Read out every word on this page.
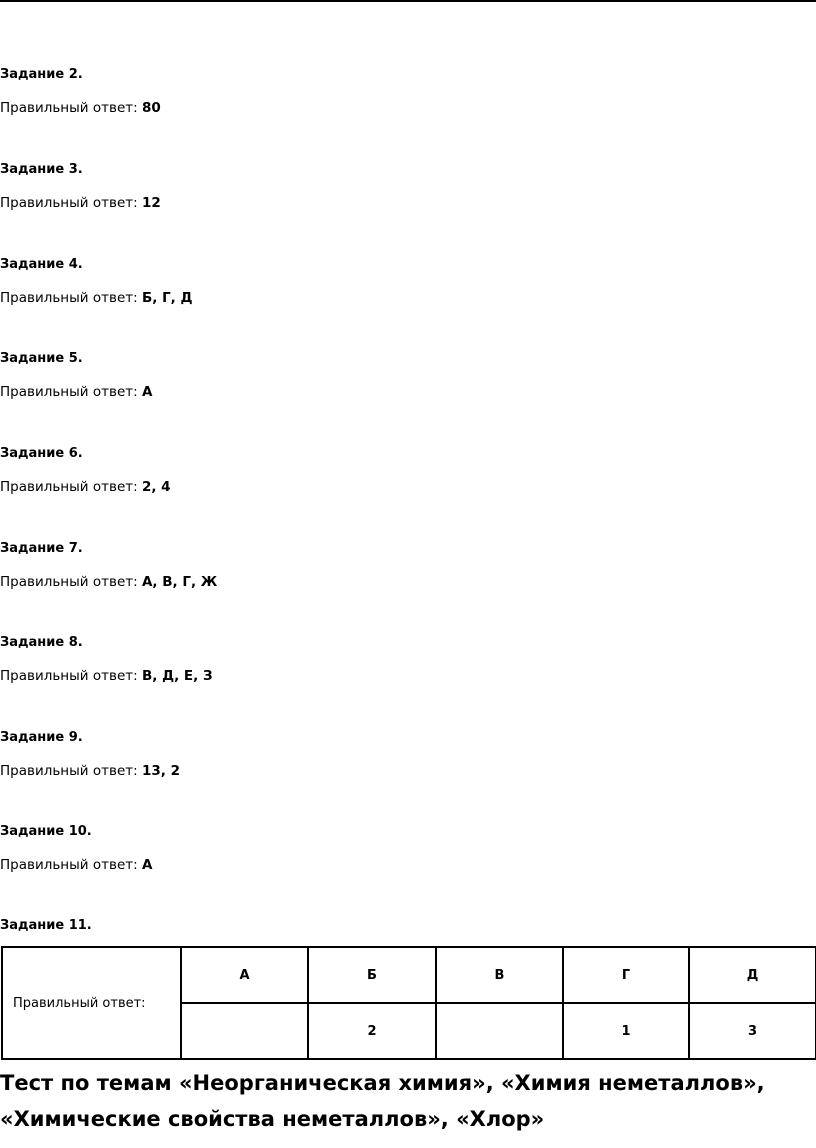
Задание 2.
Правильный ответ: 80
Задание 3.
Правильный ответ: 12
Задание 4.
Правильный ответ: Б, Г, Д
Задание 5.
Правильный ответ: А
Задание 6.
Правильный ответ: 2, 4
Задание 7.
Правильный ответ: А, В, Г, Ж
Задание 8.
Правильный ответ: В, Д, Е, З
Задание 9.
Правильный ответ: 13, 2
Задание 10.
Правильный ответ: А
Задание 11.
Правильный ответ:	А	Б	В	Г	Д
		2		1	3
Тест по темам «Неорганическая химия», «Химия неметаллов», «Химические свойства неметаллов», «Хлор»
